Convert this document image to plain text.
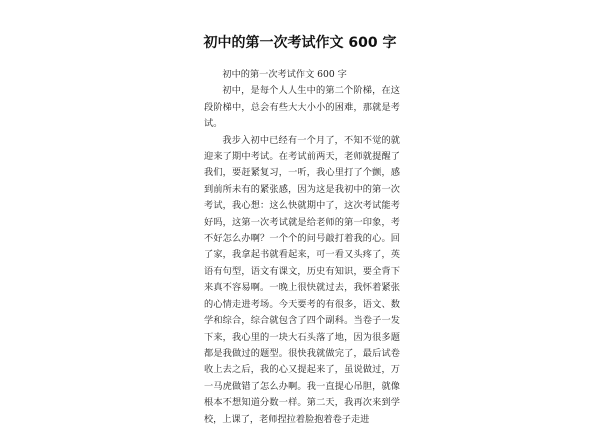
初中的第一次考试作文 600 字

初中的第一次考试作文 600 字

初中，是每个人人生中的第二个阶梯，在这段阶梯中，总会有些大大小小的困难，那就是考试。

我步入初中已经有一个月了，不知不觉的就迎来了期中考试。在考试前两天，老师就提醒了我们，要赶紧复习，一听，我心里打了个颤，感到前所未有的紧张感，因为这是我初中的第一次考试，我心想：这么快就期中了，这次考试能考好吗，这第一次考试就是给老师的第一印象，考不好怎么办啊？一个个的问号敲打着我的心。回了家，我拿起书就看起来，可一看又头疼了，英语有句型，语文有课文，历史有知识，要全背下来真不容易啊。一晚上很快就过去，我怀着紧张的心情走进考场。今天要考的有很多，语文、数学和综合，综合就包含了四个副科。当卷子一发下来，我心里的一块大石头落了地，因为很多题都是我做过的题型。很快我就做完了，最后试卷收上去之后，我的心又提起来了，虽说做过，万一马虎做错了怎么办啊。我一直提心吊胆，就像根本不想知道分数一样。第二天，我再次来到学校，上课了，老师捏拉着脸抱着卷子走进
